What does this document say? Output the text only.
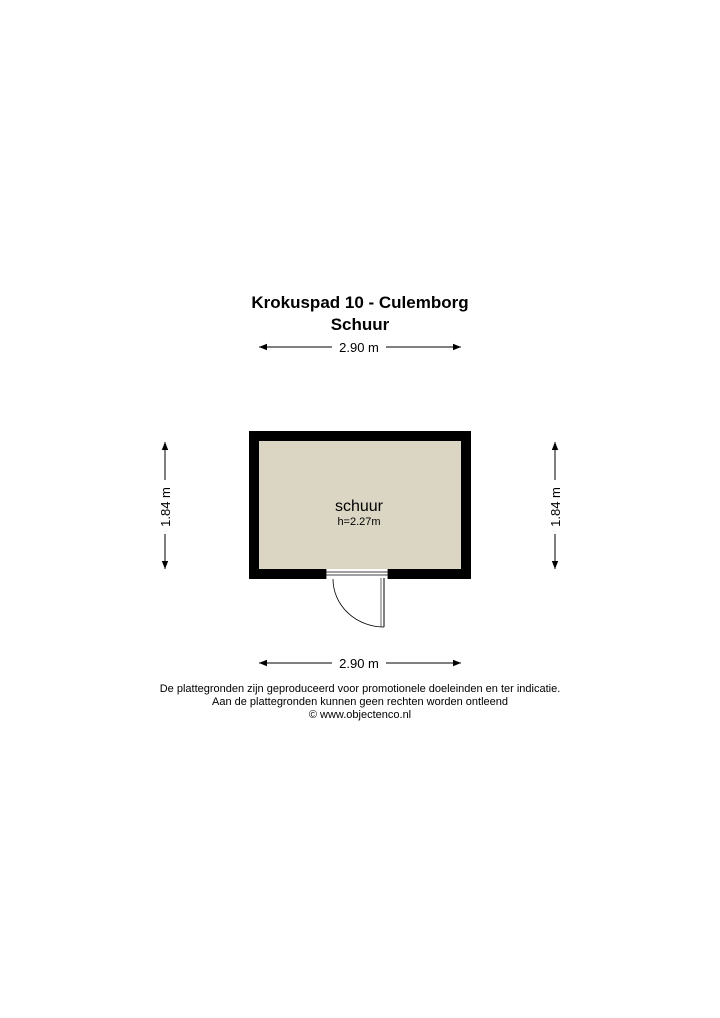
Krokuspad 10 - Culemborg
Schuur
2.90 m
1.84 m	1.84 m
schuur
h=2.27m
2.90 m
De plattegronden zijn geproduceerd voor promotionele doeleinden en ter indicatie.
Aan de plattegronden kunnen geen rechten worden ontleend
© www.objectenco.nl
